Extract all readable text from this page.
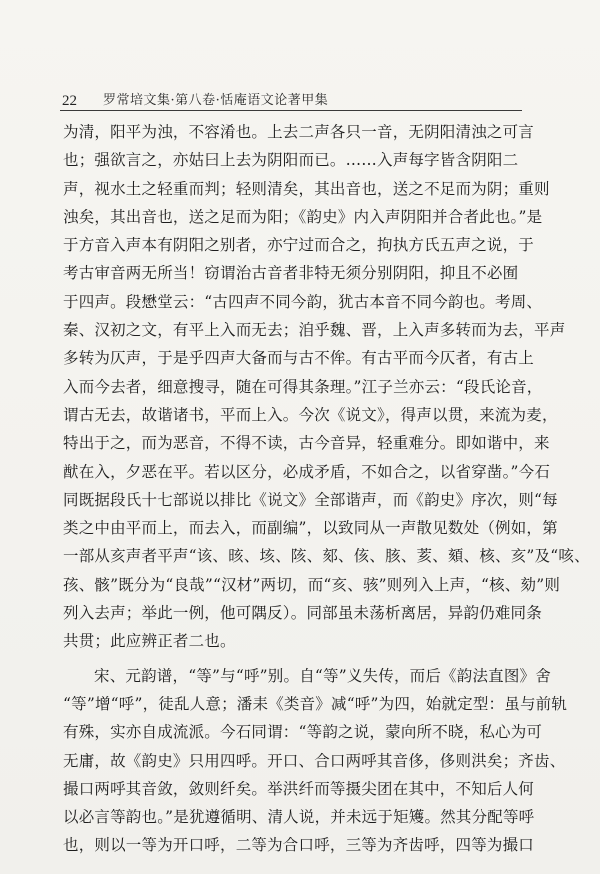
22 罗常培文集·第八卷·恬庵语文论著甲集
为清，阳平为浊，不容淆也。上去二声各只一音，无阴阳清浊之可言
也；强欲言之，亦姑曰上去为阴阳而已。……入声每字皆含阴阳二
声，视水土之轻重而判；轻则清矣，其出音也，送之不足而为阴；重则
浊矣，其出音也，送之足而为阳；《韵史》内入声阴阳并合者此也。”是
于方音入声本有阴阳之别者，亦宁过而合之，拘执方氏五声之说，于
考古审音两无所当！窃谓治古音者非特无须分别阴阳，抑且不必囿
于四声。段懋堂云：“古四声不同今韵，犹古本音不同今韵也。考周、
秦、汉初之文，有平上入而无去；洎乎魏、晋，上入声多转而为去，平声
多转为仄声，于是乎四声大备而与古不侔。有古平而今仄者，有古上
入而今去者，细意搜寻，随在可得其条理。”江子兰亦云：“段氏论音，
谓古无去，故谐诸书，平而上入。今次《说文》，得声以贯，来流为麦，
特出于之，而为恶音，不得不读，古今音异，轻重难分。即如谐中，来
猷在入，夕恶在平。若以区分，必成矛盾，不如合之，以省穿凿。”今石
同既据段氏十七部说以排比《说文》全部谐声，而《韵史》序次，则“每
类之中由平而上，而去入，而副编”，以致同从一声散见数处（例如，第
一部从亥声者平声“该、晐、垓、陔、郂、侅、胲、荄、頦、核、亥”及“咳、
孩、骸”既分为“良哉”“汉材”两切，而“亥、骇”则列入上声，“核、劾”则
列入去声；举此一例，他可隅反）。同部虽未荡析离居，异韵仍难同条
共贯；此应辨正者二也。
宋、元韵谱，“等”与“呼”别。自“等”义失传，而后《韵法直图》舍
“等”增“呼”，徒乱人意；潘耒《类音》减“呼”为四，始就定型：虽与前轨
有殊，实亦自成流派。今石同谓：“等韵之说，蒙向所不晓，私心为可
无庸，故《韵史》只用四呼。开口、合口两呼其音侈，侈则洪矣；齐齿、
撮口两呼其音敛，敛则纤矣。举洪纤而等摄尖团在其中，不知后人何
以必言等韵也。”是犹遵循明、清人说，并未远于矩矱。然其分配等呼
也，则以一等为开口呼，二等为合口呼，三等为齐齿呼，四等为撮口
